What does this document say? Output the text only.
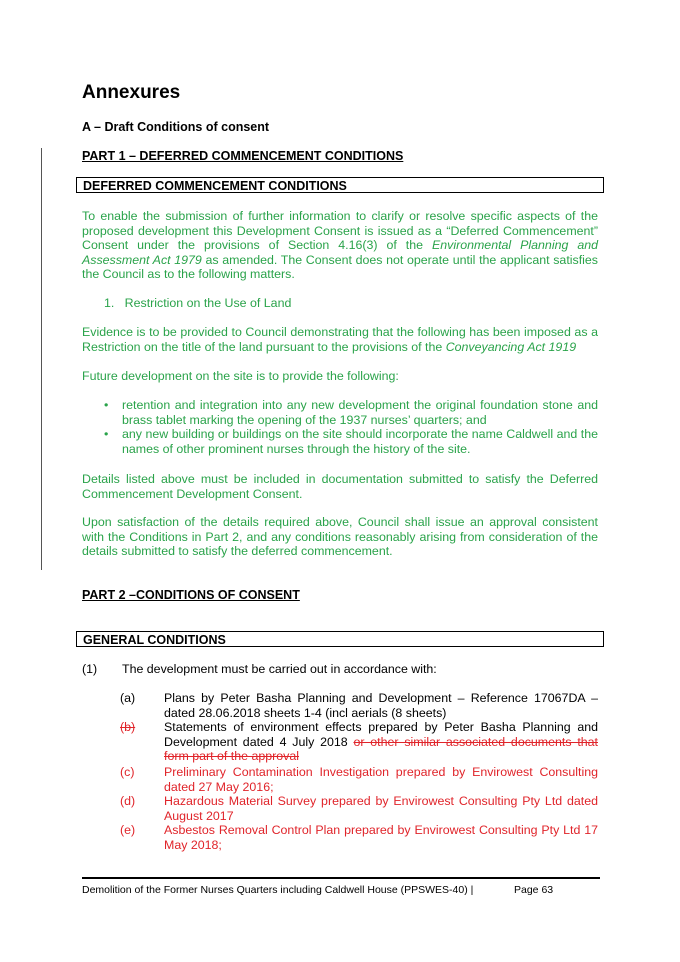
Annexures
A – Draft Conditions of consent
PART 1 – DEFERRED COMMENCEMENT CONDITIONS
DEFERRED COMMENCEMENT CONDITIONS

To enable the submission of further information to clarify or resolve specific aspects of the proposed development this Development Consent is issued as a “Deferred Commencement” Consent under the provisions of Section 4.16(3) of the Environmental Planning and Assessment Act 1979 as amended. The Consent does not operate until the applicant satisfies the Council as to the following matters.

1. Restriction on the Use of Land

Evidence is to be provided to Council demonstrating that the following has been imposed as a Restriction on the title of the land pursuant to the provisions of the Conveyancing Act 1919

Future development on the site is to provide the following:

• retention and integration into any new development the original foundation stone and brass tablet marking the opening of the 1937 nurses’ quarters; and
• any new building or buildings on the site should incorporate the name Caldwell and the names of other prominent nurses through the history of the site.

Details listed above must be included in documentation submitted to satisfy the Deferred Commencement Development Consent.

Upon satisfaction of the details required above, Council shall issue an approval consistent with the Conditions in Part 2, and any conditions reasonably arising from consideration of the details submitted to satisfy the deferred commencement.

PART 2 –CONDITIONS OF CONSENT
GENERAL CONDITIONS
(1) The development must be carried out in accordance with:
(a) Plans by Peter Basha Planning and Development – Reference 17067DA – dated 28.06.2018 sheets 1-4 (incl aerials (8 sheets)
(b) Statements of environment effects prepared by Peter Basha Planning and Development dated 4 July 2018 or other similar associated documents that form part of the approval
(c) Preliminary Contamination Investigation prepared by Envirowest Consulting dated 27 May 2016;
(d) Hazardous Material Survey prepared by Envirowest Consulting Pty Ltd dated August 2017
(e) Asbestos Removal Control Plan prepared by Envirowest Consulting Pty Ltd 17 May 2018;
Demolition of the Former Nurses Quarters including Caldwell House (PPSWES-40) |	Page 63
